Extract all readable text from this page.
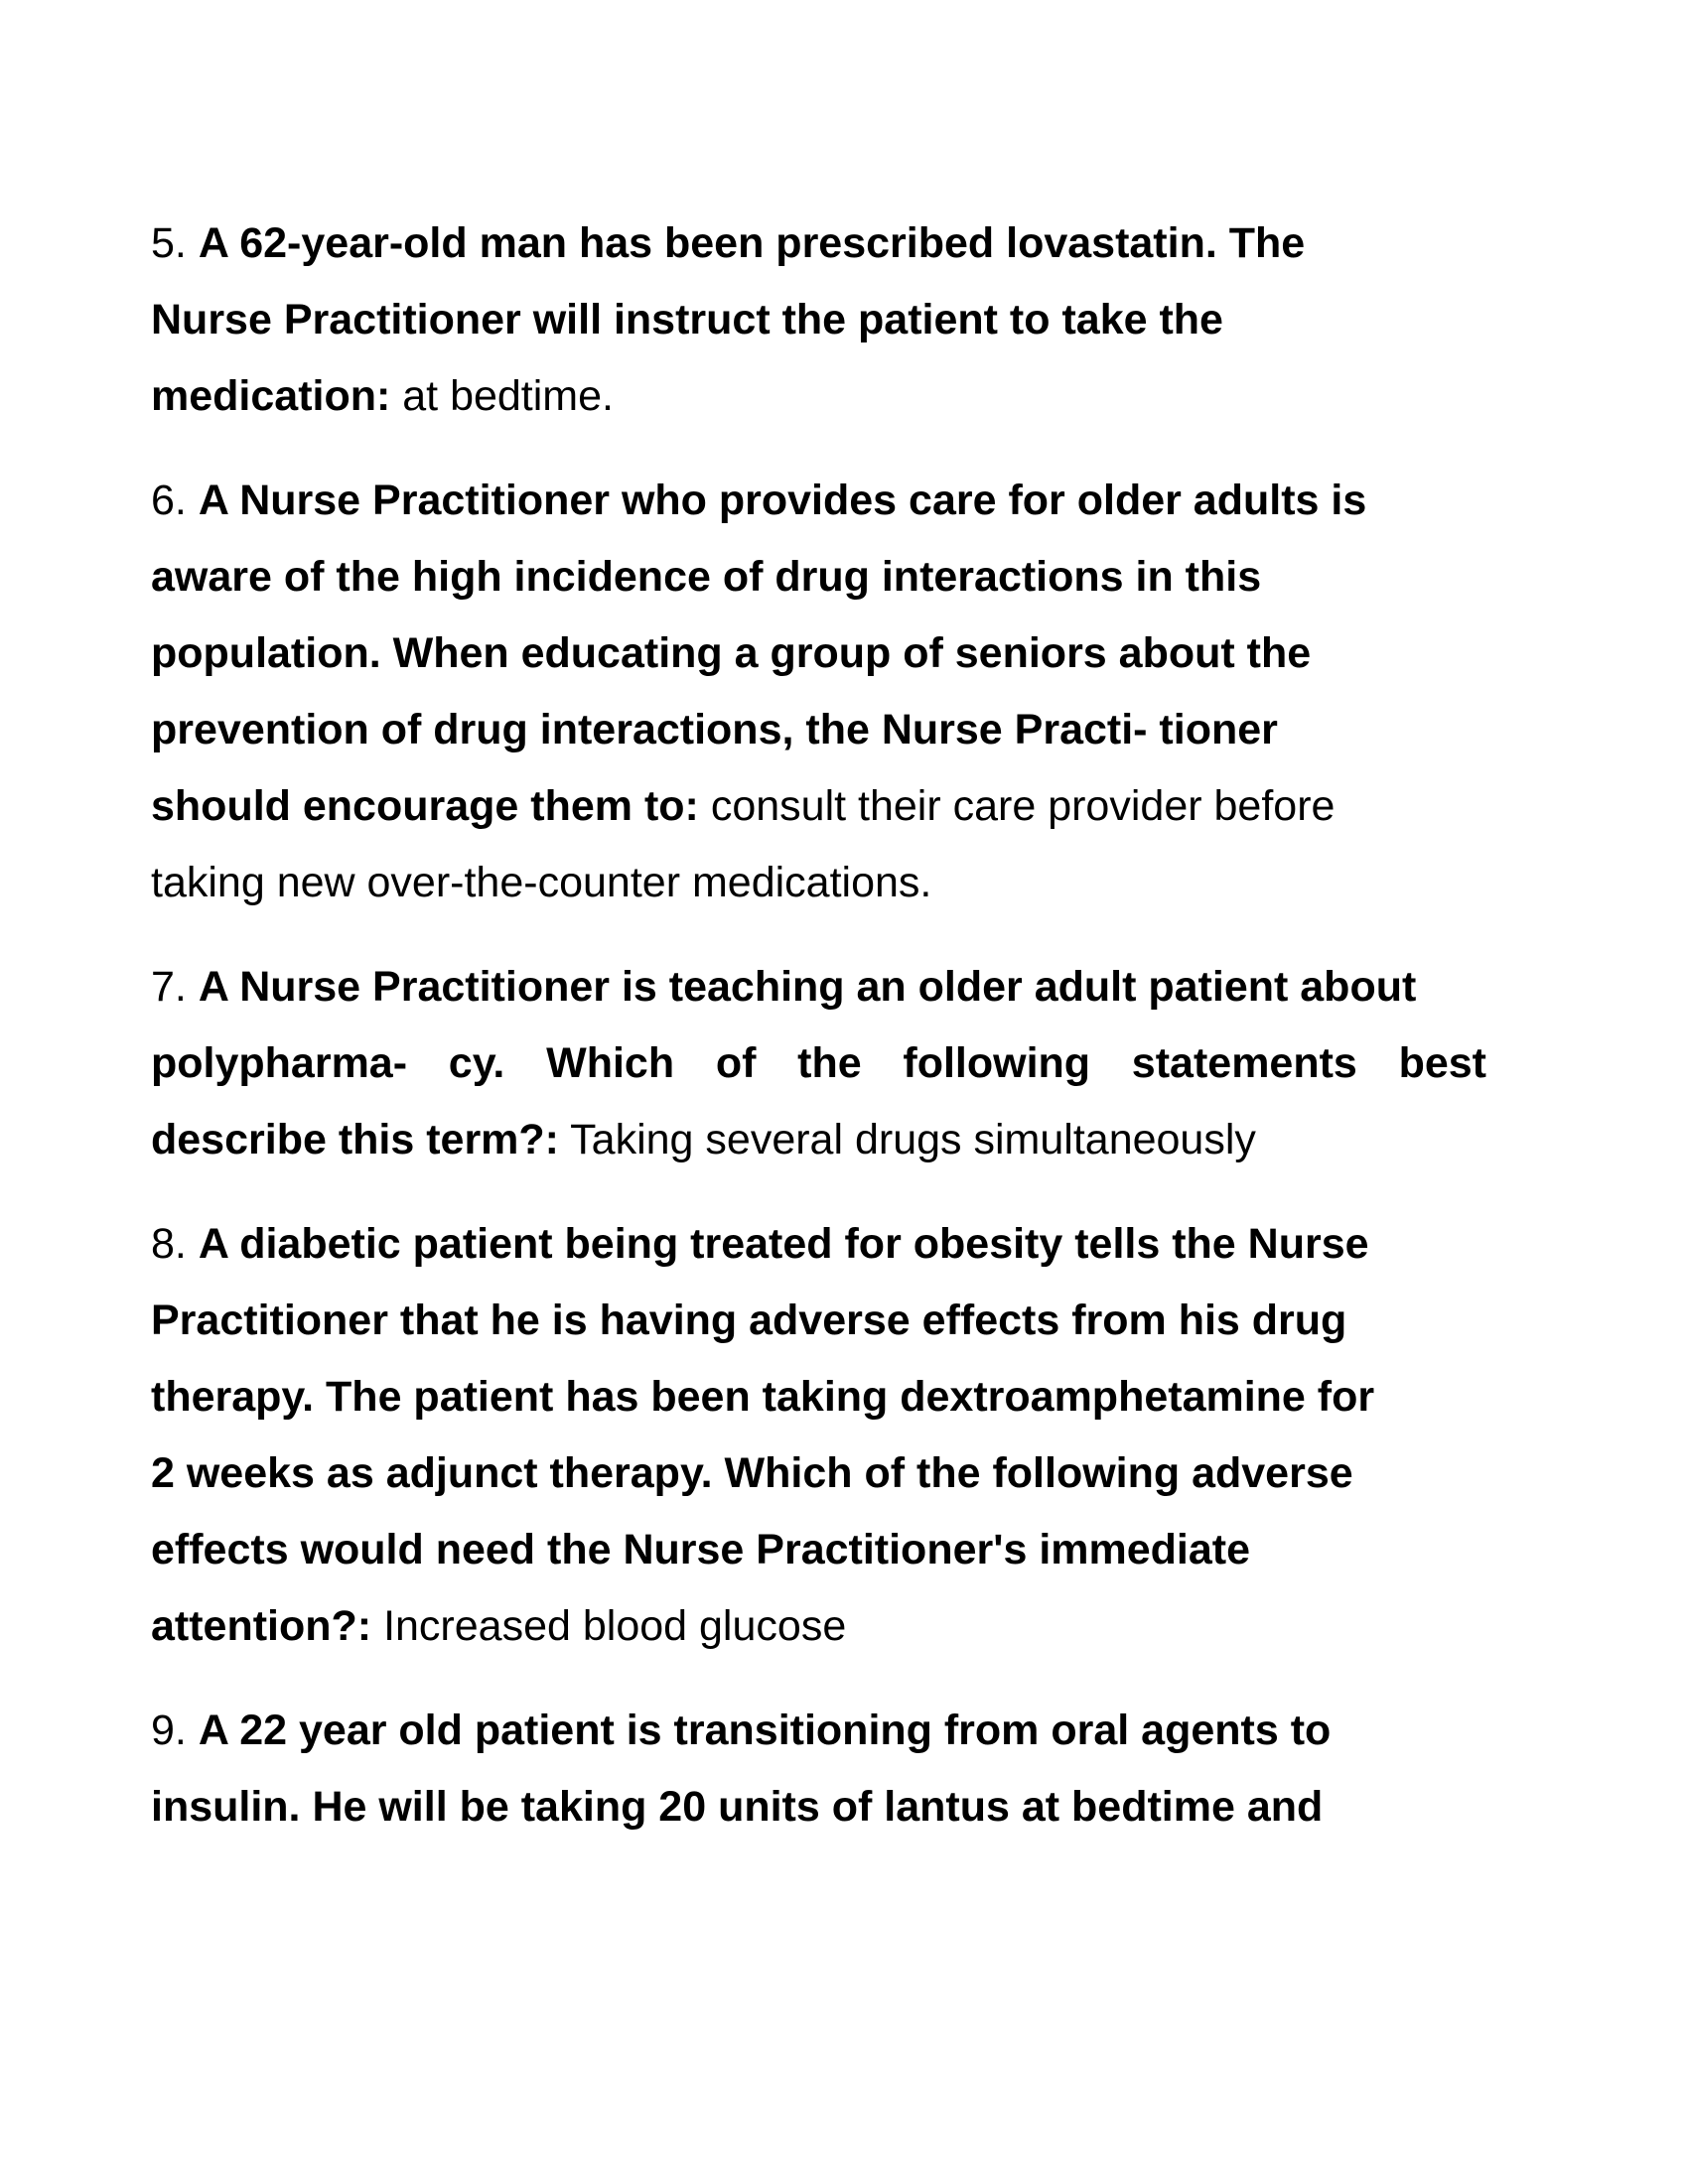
5. A 62-year-old man has been prescribed lovastatin. The
Nurse Practitioner will instruct the patient to take the
medication: at bedtime.

6. A Nurse Practitioner who provides care for older adults is
aware of the high incidence of drug interactions in this
population. When educating a group of seniors about the
prevention of drug interactions, the Nurse Practi- tioner
should encourage them to: consult their care provider before
taking new over-the-counter medications.

7. A Nurse Practitioner is teaching an older adult patient about
polypharma- cy. Which of the following statements best
describe this term?: Taking several drugs simultaneously

8. A diabetic patient being treated for obesity tells the Nurse
Practitioner that he is having adverse effects from his drug
therapy. The patient has been taking dextroamphetamine for
2 weeks as adjunct therapy. Which of the following adverse
effects would need the Nurse Practitioner's immediate
attention?: Increased blood glucose

9. A 22 year old patient is transitioning from oral agents to
insulin. He will be taking 20 units of lantus at bedtime and
